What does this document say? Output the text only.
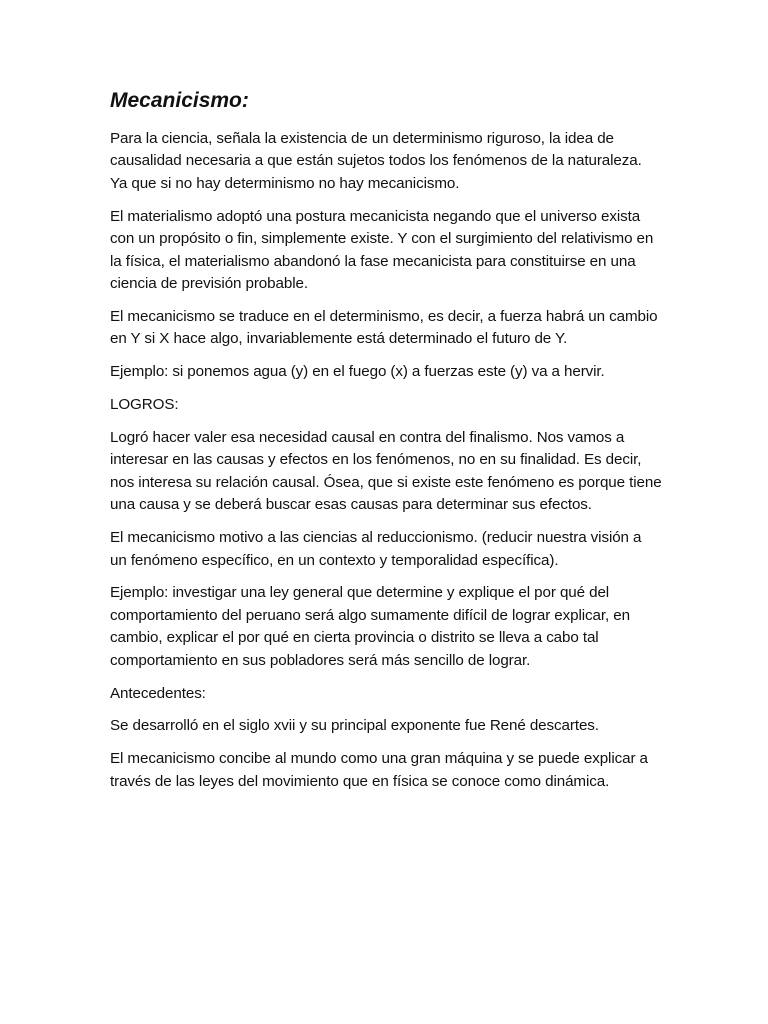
Mecanicismo:

Para la ciencia, señala la existencia de un determinismo riguroso, la idea de causalidad necesaria a que están sujetos todos los fenómenos de la naturaleza. Ya que si no hay determinismo no hay mecanicismo.

El materialismo adoptó una postura mecanicista negando que el universo exista con un propósito o fin, simplemente existe. Y con el surgimiento del relativismo en la física, el materialismo abandonó la fase mecanicista para constituirse en una ciencia de previsión probable.

El mecanicismo se traduce en el determinismo, es decir, a fuerza habrá un cambio en Y si X hace algo, invariablemente está determinado el futuro de Y.

Ejemplo: si ponemos agua (y) en el fuego (x) a fuerzas este (y) va a hervir.

LOGROS:

Logró hacer valer esa necesidad causal en contra del finalismo. Nos vamos a interesar en las causas y efectos en los fenómenos, no en su finalidad. Es decir, nos interesa su relación causal. Ósea, que si existe este fenómeno es porque tiene una causa y se deberá buscar esas causas para determinar sus efectos.

El mecanicismo motivo a las ciencias al reduccionismo. (reducir nuestra visión a un fenómeno específico, en un contexto y temporalidad específica).

Ejemplo: investigar una ley general que determine y explique el por qué del comportamiento del peruano será algo sumamente difícil de lograr explicar, en cambio, explicar el por qué en cierta provincia o distrito se lleva a cabo tal comportamiento en sus pobladores será más sencillo de lograr.

Antecedentes:

Se desarrolló en el siglo xvii y su principal exponente fue René descartes.

El mecanicismo concibe al mundo como una gran máquina y se puede explicar a través de las leyes del movimiento que en física se conoce como dinámica.
